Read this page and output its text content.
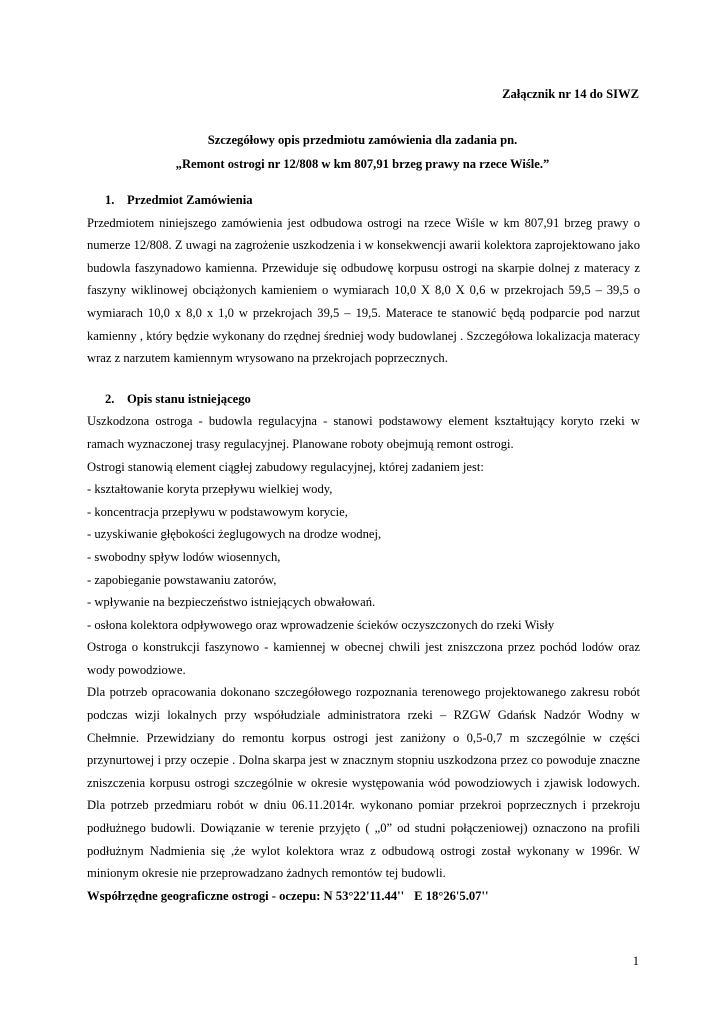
Załącznik nr 14 do SIWZ
Szczegółowy opis przedmiotu zamówienia dla zadania pn.
„Remont ostrogi nr 12/808 w km 807,91 brzeg prawy na rzece Wiśle.”
1. Przedmiot Zamówienia

Przedmiotem niniejszego zamówienia jest odbudowa ostrogi na rzece Wiśle w km 807,91 brzeg prawy o numerze 12/808. Z uwagi na zagrożenie uszkodzenia i w konsekwencji awarii kolektora zaprojektowano jako budowla faszynadowo kamienna. Przewiduje się odbudowę korpusu ostrogi na skarpie dolnej z materacy z faszyny wiklinowej obciążonych kamieniem o wymiarach 10,0 X 8,0 X 0,6 w przekrojach 59,5 – 39,5 o wymiarach 10,0 x 8,0 x 1,0 w przekrojach 39,5 – 19,5. Materace te stanowić będą podparcie pod narzut kamienny , który będzie wykonany do rzędnej średniej wody budowlanej . Szczegółowa lokalizacja materacy wraz z narzutem kamiennym wrysowano na przekrojach poprzecznych.

2. Opis stanu istniejącego

Uszkodzona ostroga - budowla regulacyjna - stanowi podstawowy element kształtujący koryto rzeki w ramach wyznaczonej trasy regulacyjnej. Planowane roboty obejmują remont ostrogi.

Ostrogi stanowią element ciągłej zabudowy regulacyjnej, której zadaniem jest:

- kształtowanie koryta przepływu wielkiej wody,
- koncentracja przepływu w podstawowym korycie,
- uzyskiwanie głębokości żeglugowych na drodze wodnej,
- swobodny spływ lodów wiosennych,
- zapobieganie powstawaniu zatorów,
- wpływanie na bezpieczeństwo istniejących obwałowań.
- osłona kolektora odpływowego oraz wprowadzenie ścieków oczyszczonych do rzeki Wisły

Ostroga o konstrukcji faszynowo - kamiennej w obecnej chwili jest zniszczona przez pochód lodów oraz wody powodziowe.

Dla potrzeb opracowania dokonano szczegółowego rozpoznania terenowego projektowanego zakresu robót podczas wizji lokalnych przy współudziale administratora rzeki – RZGW Gdańsk Nadzór Wodny w Chełmnie. Przewidziany do remontu korpus ostrogi jest zaniżony o 0,5-0,7 m szczególnie w części przynurtowej i przy oczepie . Dolna skarpa jest w znacznym stopniu uszkodzona przez co powoduje znaczne zniszczenia korpusu ostrogi szczególnie w okresie występowania wód powodziowych i zjawisk lodowych. Dla potrzeb przedmiaru robót w dniu 06.11.2014r. wykonano pomiar przekroi poprzecznych i przekroju podłużnego budowli. Dowiązanie w terenie przyjęto ( „0” od studni połączeniowej) oznaczono na profili podłużnym Nadmienia się ,że wylot kolektora wraz z odbudową ostrogi został wykonany w 1996r. W minionym okresie nie przeprowadzano żadnych remontów tej budowli.

Współrzędne geograficzne ostrogi - oczepu: N 53°22'11.44'' E 18°26'5.07''

1
